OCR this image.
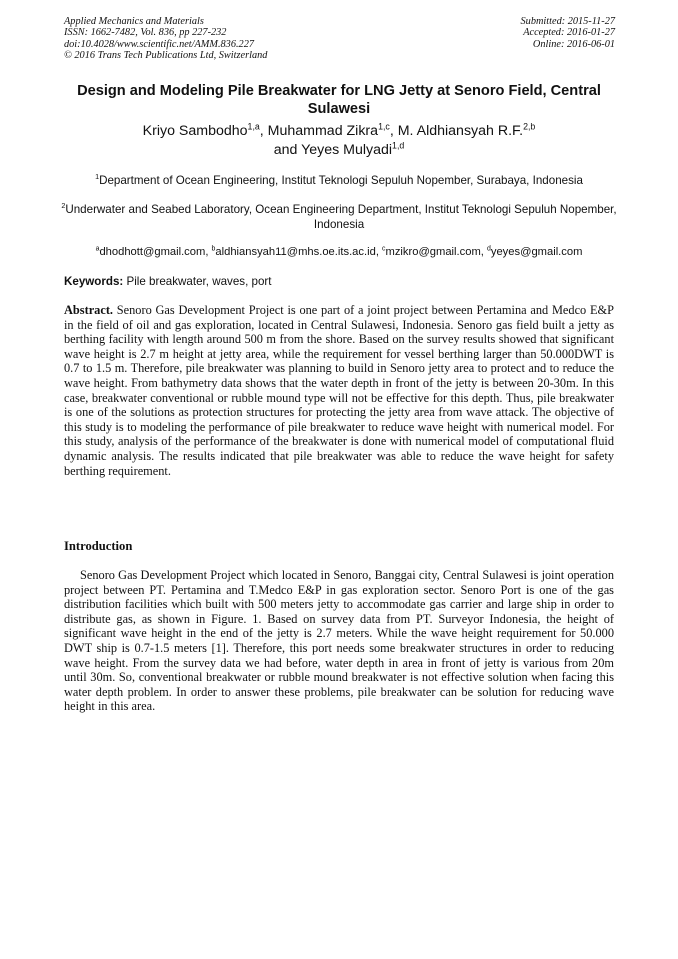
Applied Mechanics and Materials
ISSN: 1662-7482, Vol. 836, pp 227-232
doi:10.4028/www.scientific.net/AMM.836.227
© 2016 Trans Tech Publications Ltd, Switzerland
Submitted: 2015-11-27
Accepted: 2016-01-27
Online: 2016-06-01
Design and Modeling Pile Breakwater for LNG Jetty at Senoro Field, Central Sulawesi
Kriyo Sambodho$^{1,a}$, Muhammad Zikra$^{1,c}$, M. Aldhiansyah R.F.$^{2,b}$
and Yeyes Mulyadi$^{1,d}$
$^1$Department of Ocean Engineering, Institut Teknologi Sepuluh Nopember, Surabaya, Indonesia
$^2$Underwater and Seabed Laboratory, Ocean Engineering Department, Institut Teknologi Sepuluh Nopember, Indonesia
$^a$dhodhott@gmail.com, $^b$aldhiansyah11@mhs.oe.its.ac.id, $^c$mzikro@gmail.com, $^d$yeyes@gmail.com
Keywords: Pile breakwater, waves, port
Abstract. Senoro Gas Development Project is one part of a joint project between Pertamina and Medco E&P in the field of oil and gas exploration, located in Central Sulawesi, Indonesia. Senoro gas field built a jetty as berthing facility with length around 500 m from the shore. Based on the survey results showed that significant wave height is 2.7 m height at jetty area, while the requirement for vessel berthing larger than 50.000DWT is 0.7 to 1.5 m. Therefore, pile breakwater was planning to build in Senoro jetty area to protect and to reduce the wave height. From bathymetry data shows that the water depth in front of the jetty is between 20-30m. In this case, breakwater conventional or rubble mound type will not be effective for this depth. Thus, pile breakwater is one of the solutions as protection structures for protecting the jetty area from wave attack. The objective of this study is to modeling the performance of pile breakwater to reduce wave height with numerical model. For this study, analysis of the performance of the breakwater is done with numerical model of computational fluid dynamic analysis. The results indicated that pile breakwater was able to reduce the wave height for safety berthing requirement.
Introduction

Senoro Gas Development Project which located in Senoro, Banggai city, Central Sulawesi is joint operation project between PT. Pertamina and T.Medco E&P in gas exploration sector. Senoro Port is one of the gas distribution facilities which built with 500 meters jetty to accommodate gas carrier and large ship in order to distribute gas, as shown in Figure. 1. Based on survey data from PT. Surveyor Indonesia, the height of significant wave height in the end of the jetty is 2.7 meters. While the wave height requirement for 50.000 DWT ship is 0.7-1.5 meters [1]. Therefore, this port needs some breakwater structures in order to reducing wave height. From the survey data we had before, water depth in area in front of jetty is various from 20m until 30m. So, conventional breakwater or rubble mound breakwater is not effective solution when facing this water depth problem. In order to answer these problems, pile breakwater can be solution for reducing wave height in this area.
